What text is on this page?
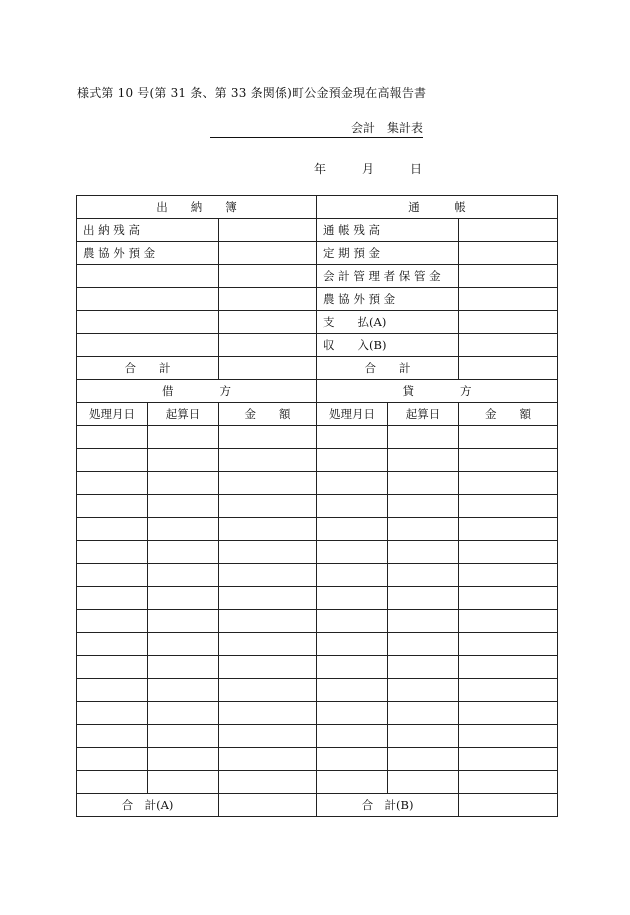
様式第 10 号(第 31 条、第 33 条関係)町公金預金現在高報告書
会計　集計表
年	月	日
出　　納　　簿			通　　　帳		
出 納 残 高			通 帳 残 高		
農 協 外 預 金			定 期 預 金		
			会 計 管 理 者 保 管 金		
			農 協 外 預 金		
			支　　払(A)		
			収　　入(B)		
合　　計			合　　計		
借　　　　方			貸　　　　方		
処理月日	起算日	金　　額	処理月日	起算日	金　　額

合　計(A)			合　計(B)		
